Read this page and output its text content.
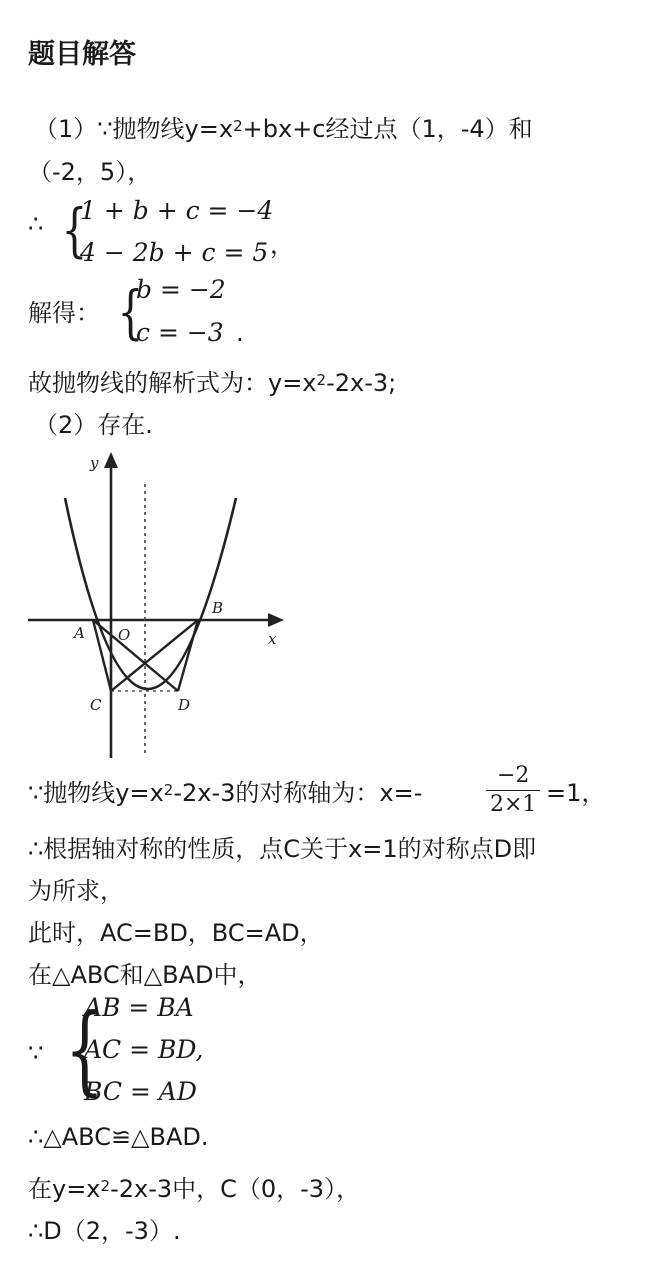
题目解答
（1）∵抛物线$y=x^2+bx+c$经过点（1，-4）和
（-2，5），
∴ {
1 + b + c = −4
4 − 2b + c = 5 ，
解得： {
b = −2
c = −3 .
故抛物线的解析式为：$y=x^2-2x-3$;
（2）存在.
y
x
A O
B
C	D
∵抛物线$y=x^2-2x-3$的对称轴为：x=-	$\frac{-2}{2\times 1} =1$，
∴根据轴对称的性质，点C关于x=1的对称点D即
为所求，
此时，AC=BD，BC=AD，
在△ABC和△BAD中，
∵ {
AB = BA
AC = BD,
BC = AD
∴△ABC≌△BAD.
在$y=x^2-2x-3$中，C（0，-3），
∴D（2，-3）.
